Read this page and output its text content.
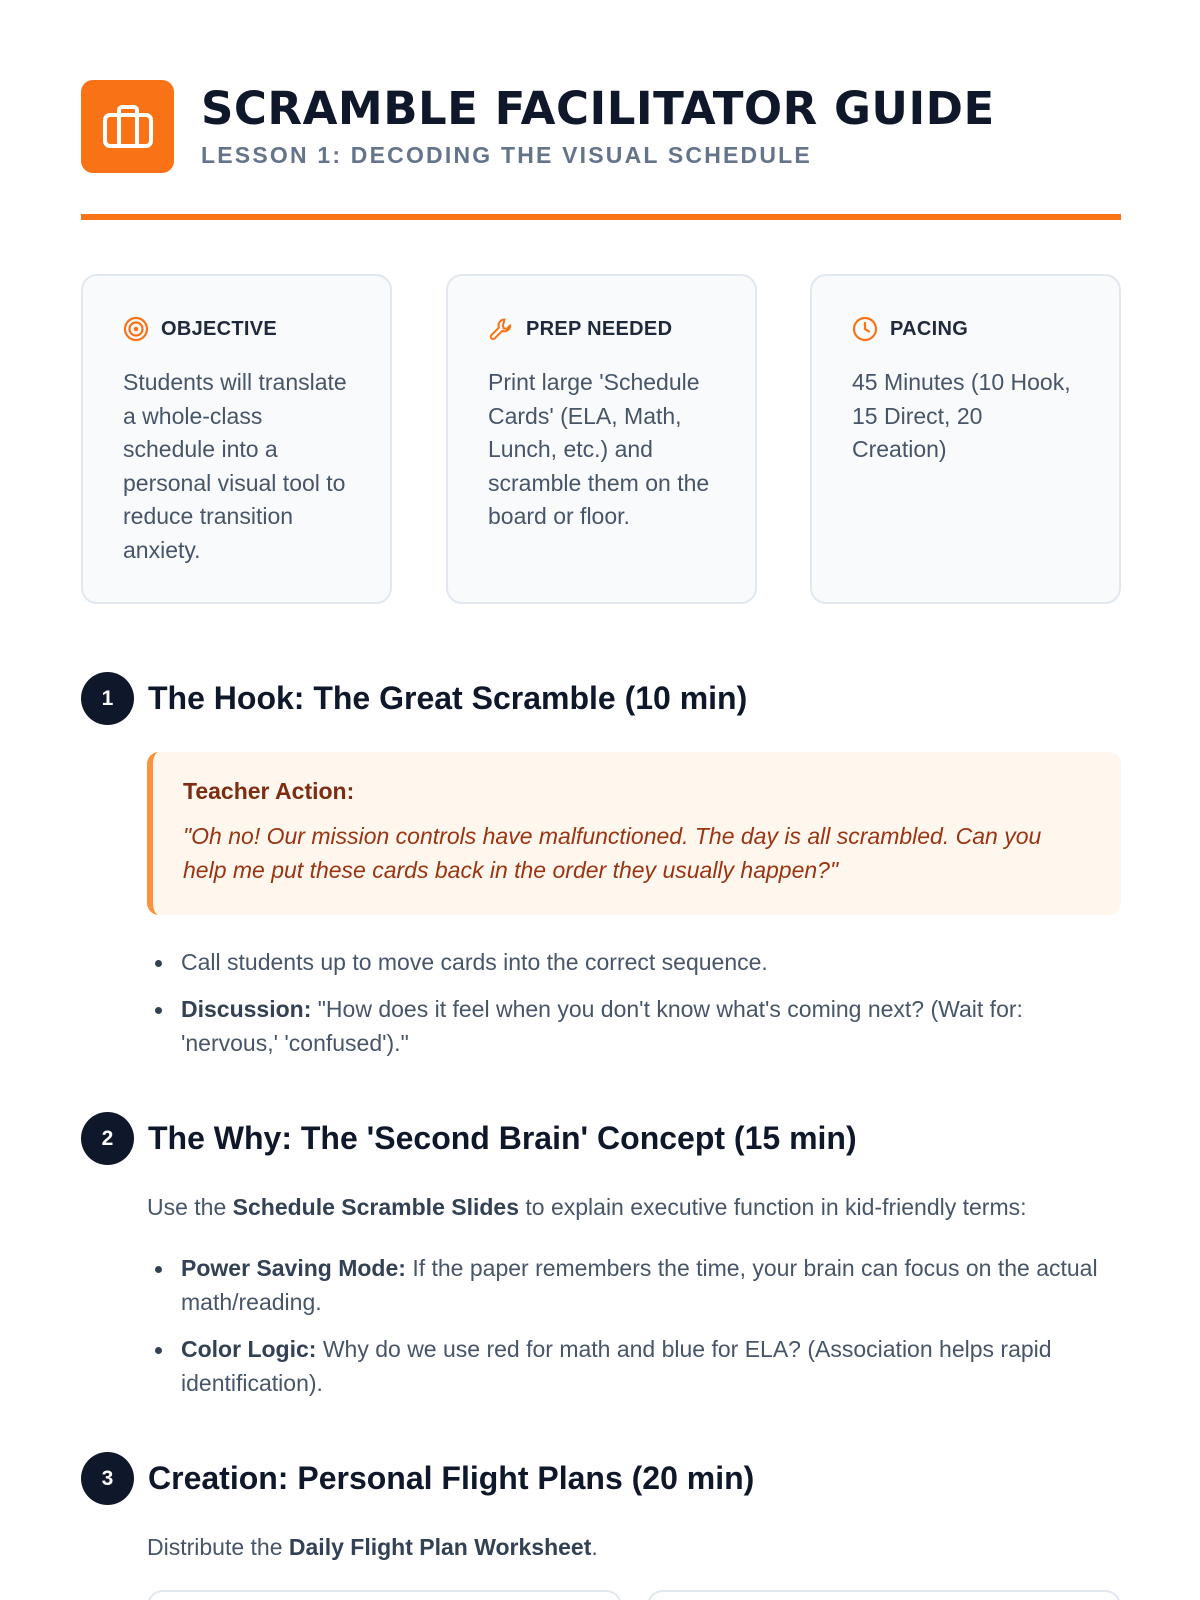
SCRAMBLE FACILITATOR GUIDE
LESSON 1: DECODING THE VISUAL SCHEDULE
OBJECTIVE
Students will translate a whole-class schedule into a personal visual tool to reduce transition anxiety.
PREP NEEDED
Print large 'Schedule Cards' (ELA, Math, Lunch, etc.) and scramble them on the board or floor.
PACING
45 Minutes (10 Hook, 15 Direct, 20 Creation)
1	The Hook: The Great Scramble (10 min)
Teacher Action:
"Oh no! Our mission controls have malfunctioned. The day is all scrambled. Can you help me put these cards back in the order they usually happen?"
Call students up to move cards into the correct sequence.
Discussion: "How does it feel when you don't know what's coming next? (Wait for: 'nervous,' 'confused')."
2	The Why: The 'Second Brain' Concept (15 min)
Use the Schedule Scramble Slides to explain executive function in kid-friendly terms:
Power Saving Mode: If the paper remembers the time, your brain can focus on the actual math/reading.
Color Logic: Why do we use red for math and blue for ELA? (Association helps rapid identification).
3	Creation: Personal Flight Plans (20 min)
Distribute the Daily Flight Plan Worksheet.
